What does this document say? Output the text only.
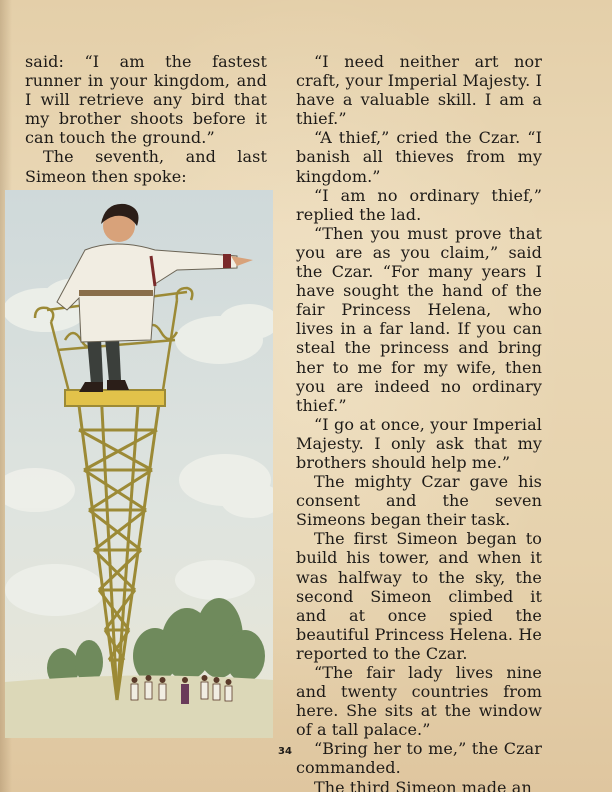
said: “I am the fastest runner in your kingdom, and I will retrieve any bird that my brother shoots before it can touch the ground.”

The seventh, and last Simeon then spoke:

“I need neither art nor craft, your Imperial Majesty. I have a valuable skill. I am a thief.”

“A thief,” cried the Czar. “I banish all thieves from my kingdom.”

“I am no ordinary thief,” replied the lad.

“Then you must prove that you are as you claim,” said the Czar. “For many years I have sought the hand of the fair Princess Helena, who lives in a far land. If you can steal the princess and bring her to me for my wife, then you are indeed no ordinary thief.”

“I go at once, your Imperial Majesty. I only ask that my brothers should help me.”

The mighty Czar gave his consent and the seven Simeons began their task.

The first Simeon began to build his tower, and when it was halfway to the sky, the second Simeon climbed it and at once spied the beautiful Princess Helena. He reported to the Czar.

“The fair lady lives nine and twenty countries from here. She sits at the window of a tall palace.”

“Bring her to me,” the Czar commanded.

The third Simeon made an

34
